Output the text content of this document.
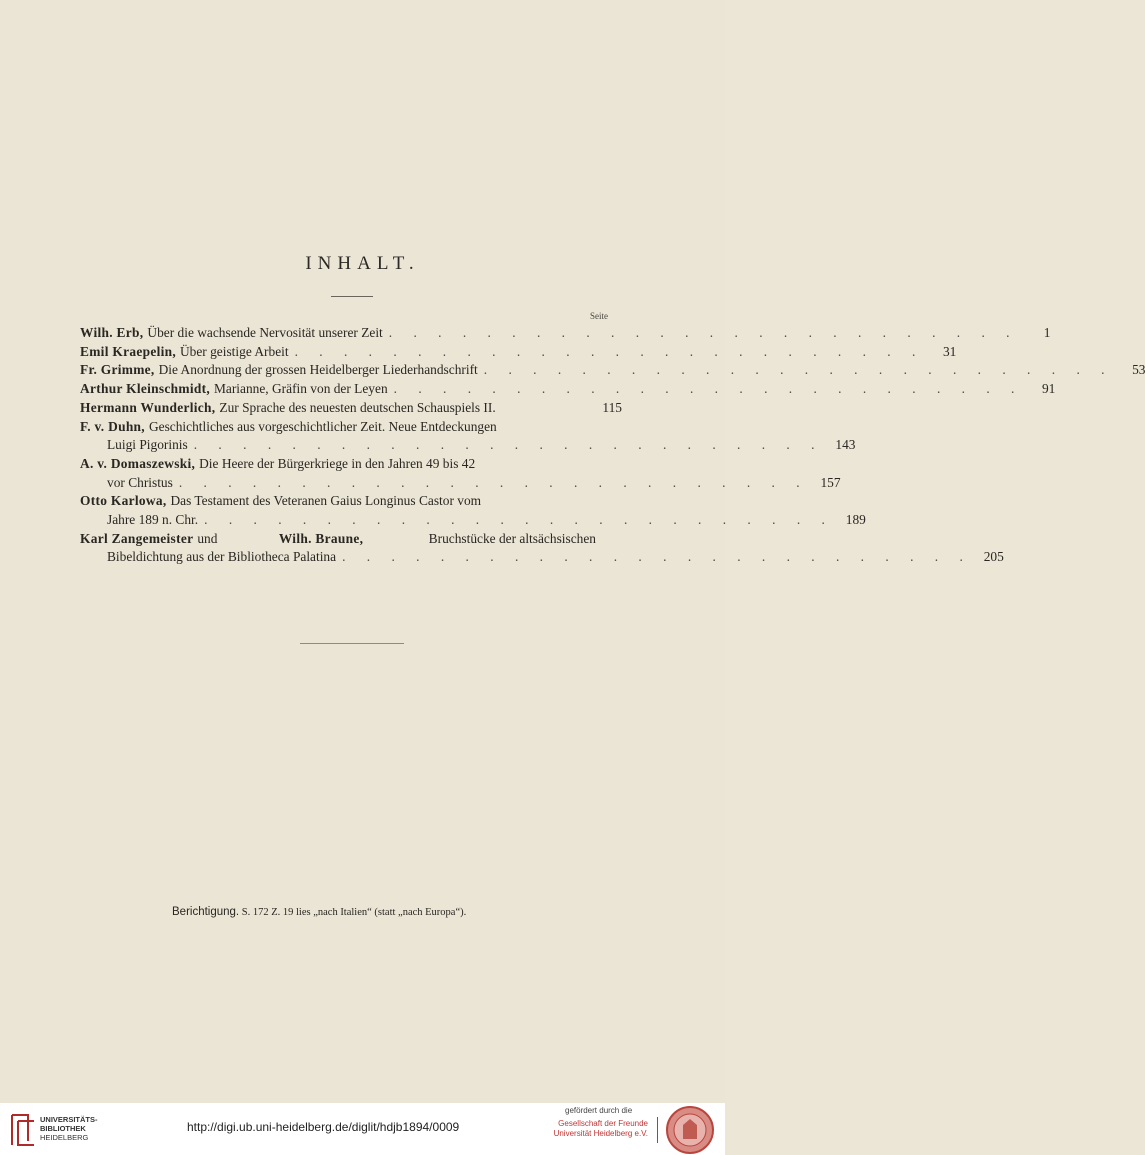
INHALT.
Seite
Wilh. Erb, Über die wachsende Nervosität unserer Zeit . . . . . . . . . . . . . . . . . . . . . . . . . .	1
Emil Kraepelin, Über geistige Arbeit . . . . . . . . . . . . . . . . . . . . . . . . . .	31
Fr. Grimme, Die Anordnung der grossen Heidelberger Liederhandschrift . . . . . . . . . . . . . . . . . . . . . . . . . .	53
Arthur Kleinschmidt, Marianne, Gräfin von der Leyen . . . . . . . . . . . . . . . . . . . . . . . . . .	91
Hermann Wunderlich, Zur Sprache des neuesten deutschen Schauspiels II.	115
F. v. Duhn, Geschichtliches aus vorgeschichtlicher Zeit. Neue Entdeckungen
Luigi Pigorinis . . . . . . . . . . . . . . . . . . . . . . . . . . 143
A. v. Domaszewski, Die Heere der Bürgerkriege in den Jahren 49 bis 42
vor Christus . . . . . . . . . . . . . . . . . . . . . . . . . . 157
Otto Karlowa, Das Testament des Veteranen Gaius Longinus Castor vom
Jahre 189 n. Chr. . . . . . . . . . . . . . . . . . . . . . . . . . . 189
Karl Zangemeister und	Wilh. Braune,	Bruchstücke der altsächsischen
Bibeldichtung aus der Bibliotheca Palatina . . . . . . . . . . . . . . . . . . . . . . . . . . 205
Berichtigung. S. 172 Z. 19 lies „nach Italien“ (statt „nach Europa“).
UNIVERSITÄTS-
BIBLIOTHEK
HEIDELBERG
http://digi.ub.uni-heidelberg.de/diglit/hdjb1894/0009
gefördert durch die
Gesellschaft der Freunde
Universität Heidelberg e.V.
